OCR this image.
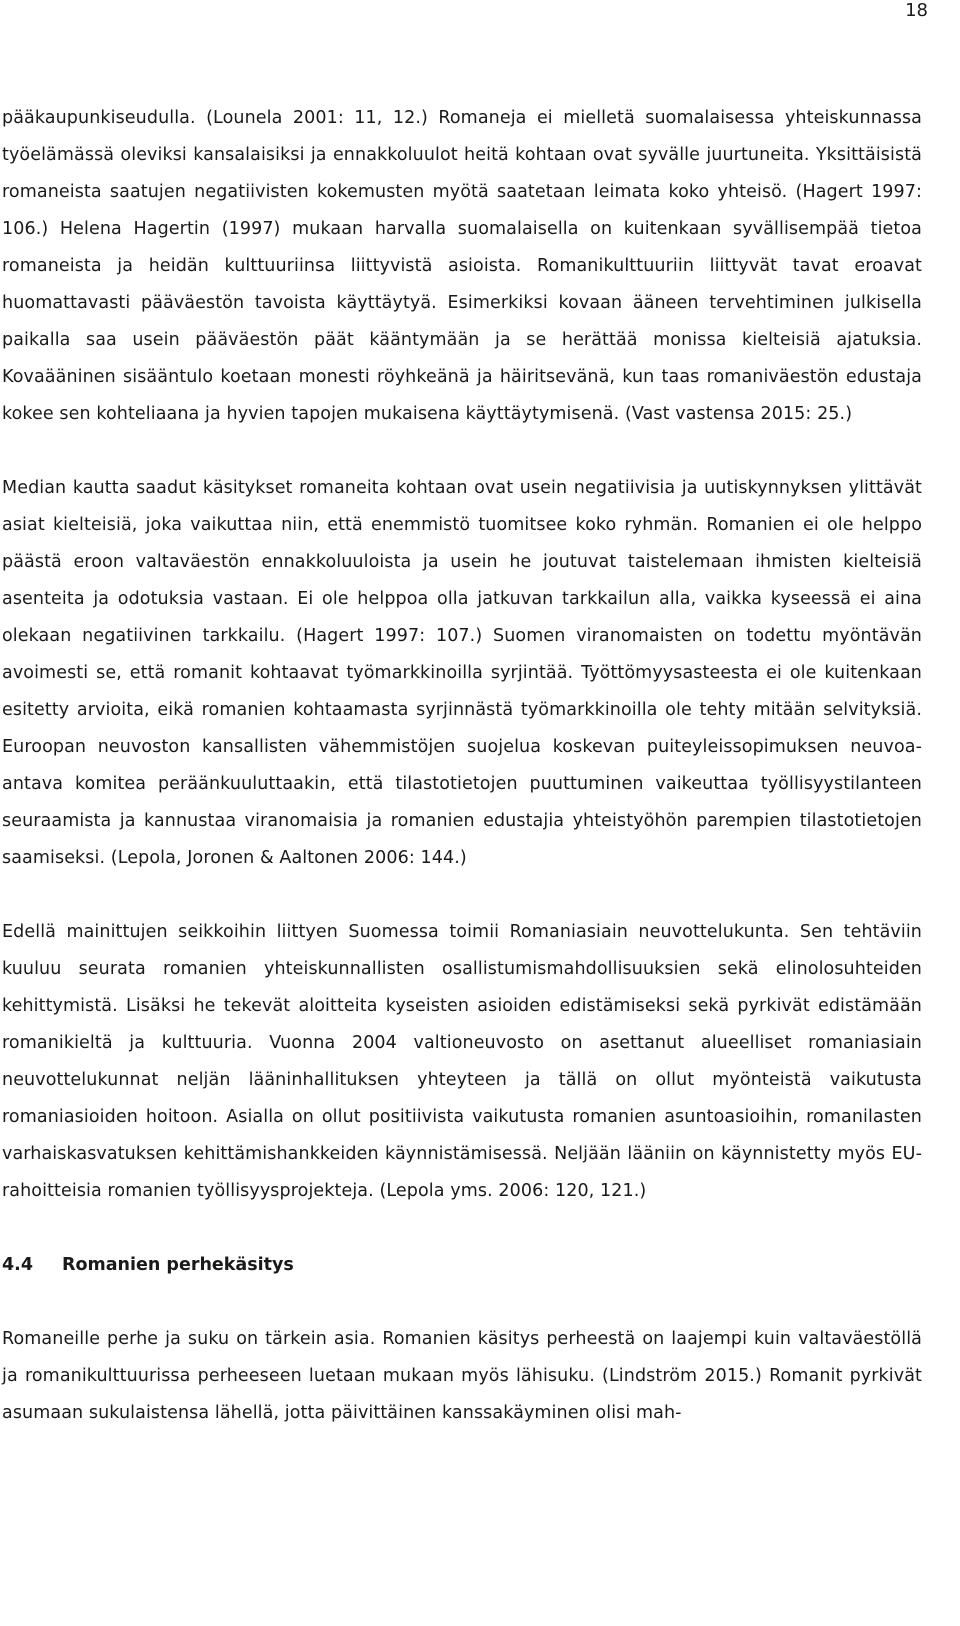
18

pääkaupunkiseudulla. (Lounela 2001: 11, 12.) Romaneja ei mielletä suomalaisessa yhteiskunnassa työelämässä oleviksi kansalaisiksi ja ennakkoluulot heitä kohtaan ovat syvälle juurtuneita. Yksittäisistä romaneista saatujen negatiivisten kokemusten myötä saatetaan leimata koko yhteisö. (Hagert 1997: 106.) Helena Hagertin (1997) mukaan harvalla suomalaisella on kuitenkaan syvällisempää tietoa romaneista ja heidän kulttuuriinsa liittyvistä asioista. Romanikulttuuriin liittyvät tavat eroavat huomattavasti pääväestön tavoista käyttäytyä. Esimerkiksi kovaan ääneen tervehtiminen julkisella paikalla saa usein pääväestön päät kääntymään ja se herättää monissa kielteisiä ajatuksia. Kovaääninen sisääntulo koetaan monesti röyhkeänä ja häiritsevänä, kun taas romaniväestön edustaja kokee sen kohteliaana ja hyvien tapojen mukaisena käyttäytymisenä. (Vast vastensa 2015: 25.)

Median kautta saadut käsitykset romaneita kohtaan ovat usein negatiivisia ja uutiskynnyksen ylittävät asiat kielteisiä, joka vaikuttaa niin, että enemmistö tuomitsee koko ryhmän. Romanien ei ole helppo päästä eroon valtaväestön ennakkoluuloista ja usein he joutuvat taistelemaan ihmisten kielteisiä asenteita ja odotuksia vastaan. Ei ole helppoa olla jatkuvan tarkkailun alla, vaikka kyseessä ei aina olekaan negatiivinen tarkkailu. (Hagert 1997: 107.) Suomen viranomaisten on todettu myöntävän avoimesti se, että romanit kohtaavat työmarkkinoilla syrjintää. Työttömyysasteesta ei ole kuitenkaan esitetty arvioita, eikä romanien kohtaamasta syrjinnästä työmarkkinoilla ole tehty mitään selvityksiä. Euroopan neuvoston kansallisten vähemmistöjen suojelua koskevan puiteyleissopimuksen neuvoa-antava komitea peräänkuuluttaakin, että tilastotietojen puuttuminen vaikeuttaa työllisyystilanteen seuraamista ja kannustaa viranomaisia ja romanien edustajia yhteistyöhön parempien tilastotietojen saamiseksi. (Lepola, Joronen & Aaltonen 2006: 144.)

Edellä mainittujen seikkoihin liittyen Suomessa toimii Romaniasiain neuvottelukunta. Sen tehtäviin kuuluu seurata romanien yhteiskunnallisten osallistumismahdollisuuksien sekä elinolosuhteiden kehittymistä. Lisäksi he tekevät aloitteita kyseisten asioiden edistämiseksi sekä pyrkivät edistämään romanikieltä ja kulttuuria. Vuonna 2004 valtioneuvosto on asettanut alueelliset romaniasiain neuvottelukunnat neljän lääninhallituksen yhteyteen ja tällä on ollut myönteistä vaikutusta romaniasioiden hoitoon. Asialla on ollut positiivista vaikutusta romanien asuntoasioihin, romanilasten varhaiskasvatuksen kehittämishankkeiden käynnistämisessä. Neljään lääniin on käynnistetty myös EU-rahoitteisia romanien työllisyysprojekteja. (Lepola yms. 2006: 120, 121.)

4.4 Romanien perhekäsitys

Romaneille perhe ja suku on tärkein asia. Romanien käsitys perheestä on laajempi kuin valtaväestöllä ja romanikulttuurissa perheeseen luetaan mukaan myös lähisuku. (Lindström 2015.) Romanit pyrkivät asumaan sukulaistensa lähellä, jotta päivittäinen kanssakäyminen olisi mah-
